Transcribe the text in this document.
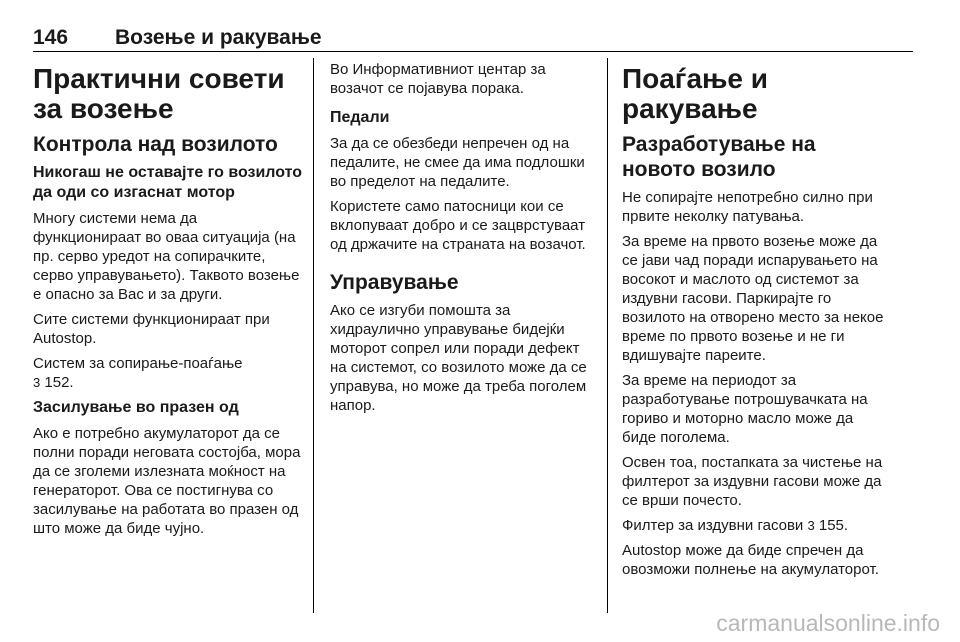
146 Возење и ракување
Практични совети за возење
Контрола над возилото
Никогаш не оставајте го возилото да оди со изгаснат мотор

Многу системи нема да функционираат во оваа ситуација (на пр. серво уредот на сопирачките, серво управувањето). Таквото возење е опасно за Вас и за други.

Сите системи функционираат при Autostop.

Систем за сопирање-поаѓање
3 152.

Засилување во празен од

Ако е потребно акумулаторот да се полни поради неговата состојба, мора да се зголеми излезната моќност на генераторот. Ова се постигнува со засилување на работата во празен од што може да биде чујно.

Во Информативниот центар за возачот се појавува порака.

Педали

За да се обезбеди непречен од на педалите, не смее да има подлошки во пределот на педалите.

Користете само патосници кои се вклопуваат добро и се зацврстуваат од држачите на страната на возачот.

Управување

Ако се изгуби помошта за хидраулично управување бидејќи моторот сопрел или поради дефект на системот, со возилото може да се управува, но може да треба поголем напор.

Поаѓање и ракување
Разработување на новото возило

Не сопирајте непотребно силно при првите неколку патувања.

За време на првото возење може да се јави чад поради испарувањето на восокот и маслото од системот за издувни гасови. Паркирајте го возилото на отворено место за некое време по првото возење и не ги вдишувајте пареите.

За време на периодот за разработување потрошувачката на гориво и моторно масло може да биде поголема.

Освен тоа, постапката за чистење на филтерот за издувни гасови може да се врши почесто.

Филтер за издувни гасови 3 155.

Autostop може да биде спречен да овозможи полнење на акумулаторот.

carmanualsonline.info
